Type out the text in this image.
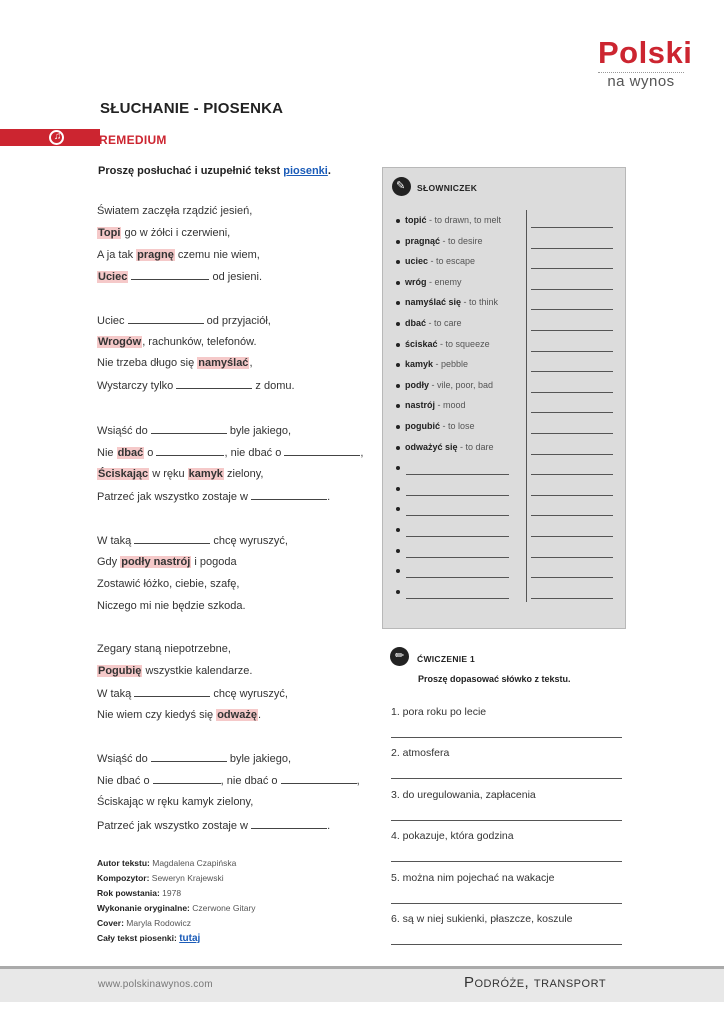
Polski
na wynos
SŁUCHANIE - PIOSENKA
♫	REMEDIUM
Proszę posłuchać i uzupełnić tekst piosenki.
Światem zaczęła rządzić jesień,
Topi go w żółci i czerwieni,
A ja tak pragnę czemu nie wiem,
Uciec	od jesieni.
Uciec	od przyjaciół,
Wrogów, rachunków, telefonów.
Nie trzeba długo się namyślać,
Wystarczy tylko	z domu.
Wsiąść do	byle jakiego,
Nie dbać o	, nie dbać o	,
Ściskając w ręku kamyk zielony,
Patrzeć jak wszystko zostaje w	.
W taką	chcę wyruszyć,
Gdy podły nastrój i pogoda
Zostawić łóżko, ciebie, szafę,
Niczego mi nie będzie szkoda.
Zegary staną niepotrzebne,
Pogubię wszystkie kalendarze.
W taką	chcę wyruszyć,
Nie wiem czy kiedyś się odważę.
Wsiąść do	byle jakiego,
Nie dbać o	, nie dbać o	,
Ściskając w ręku kamyk zielony,
Patrzeć jak wszystko zostaje w	.
Autor tekstu: Magdalena Czapińska
Kompozytor: Seweryn Krajewski
Rok powstania: 1978
Wykonanie oryginalne: Czerwone Gitary
Cover: Maryla Rodowicz
Cały tekst piosenki: tutaj
✎ SŁOWNICZEK
topić - to drawn, to melt
pragnąć - to desire
uciec - to escape
wróg - enemy
namyślać się - to think
dbać - to care
ściskać - to squeeze
kamyk - pebble
podły - vile, poor, bad
nastrój - mood
pogubić - to lose
odważyć się - to dare
✏ ĆWICZENIE 1
Proszę dopasować słówko z tekstu.
1. pora roku po lecie
2. atmosfera
3. do uregulowania, zapłacenia
4. pokazuje, która godzina
5. można nim pojechać na wakacje
6. są w niej sukienki, płaszcze, koszule
www.polskinawynos.com	Podróże, transport
